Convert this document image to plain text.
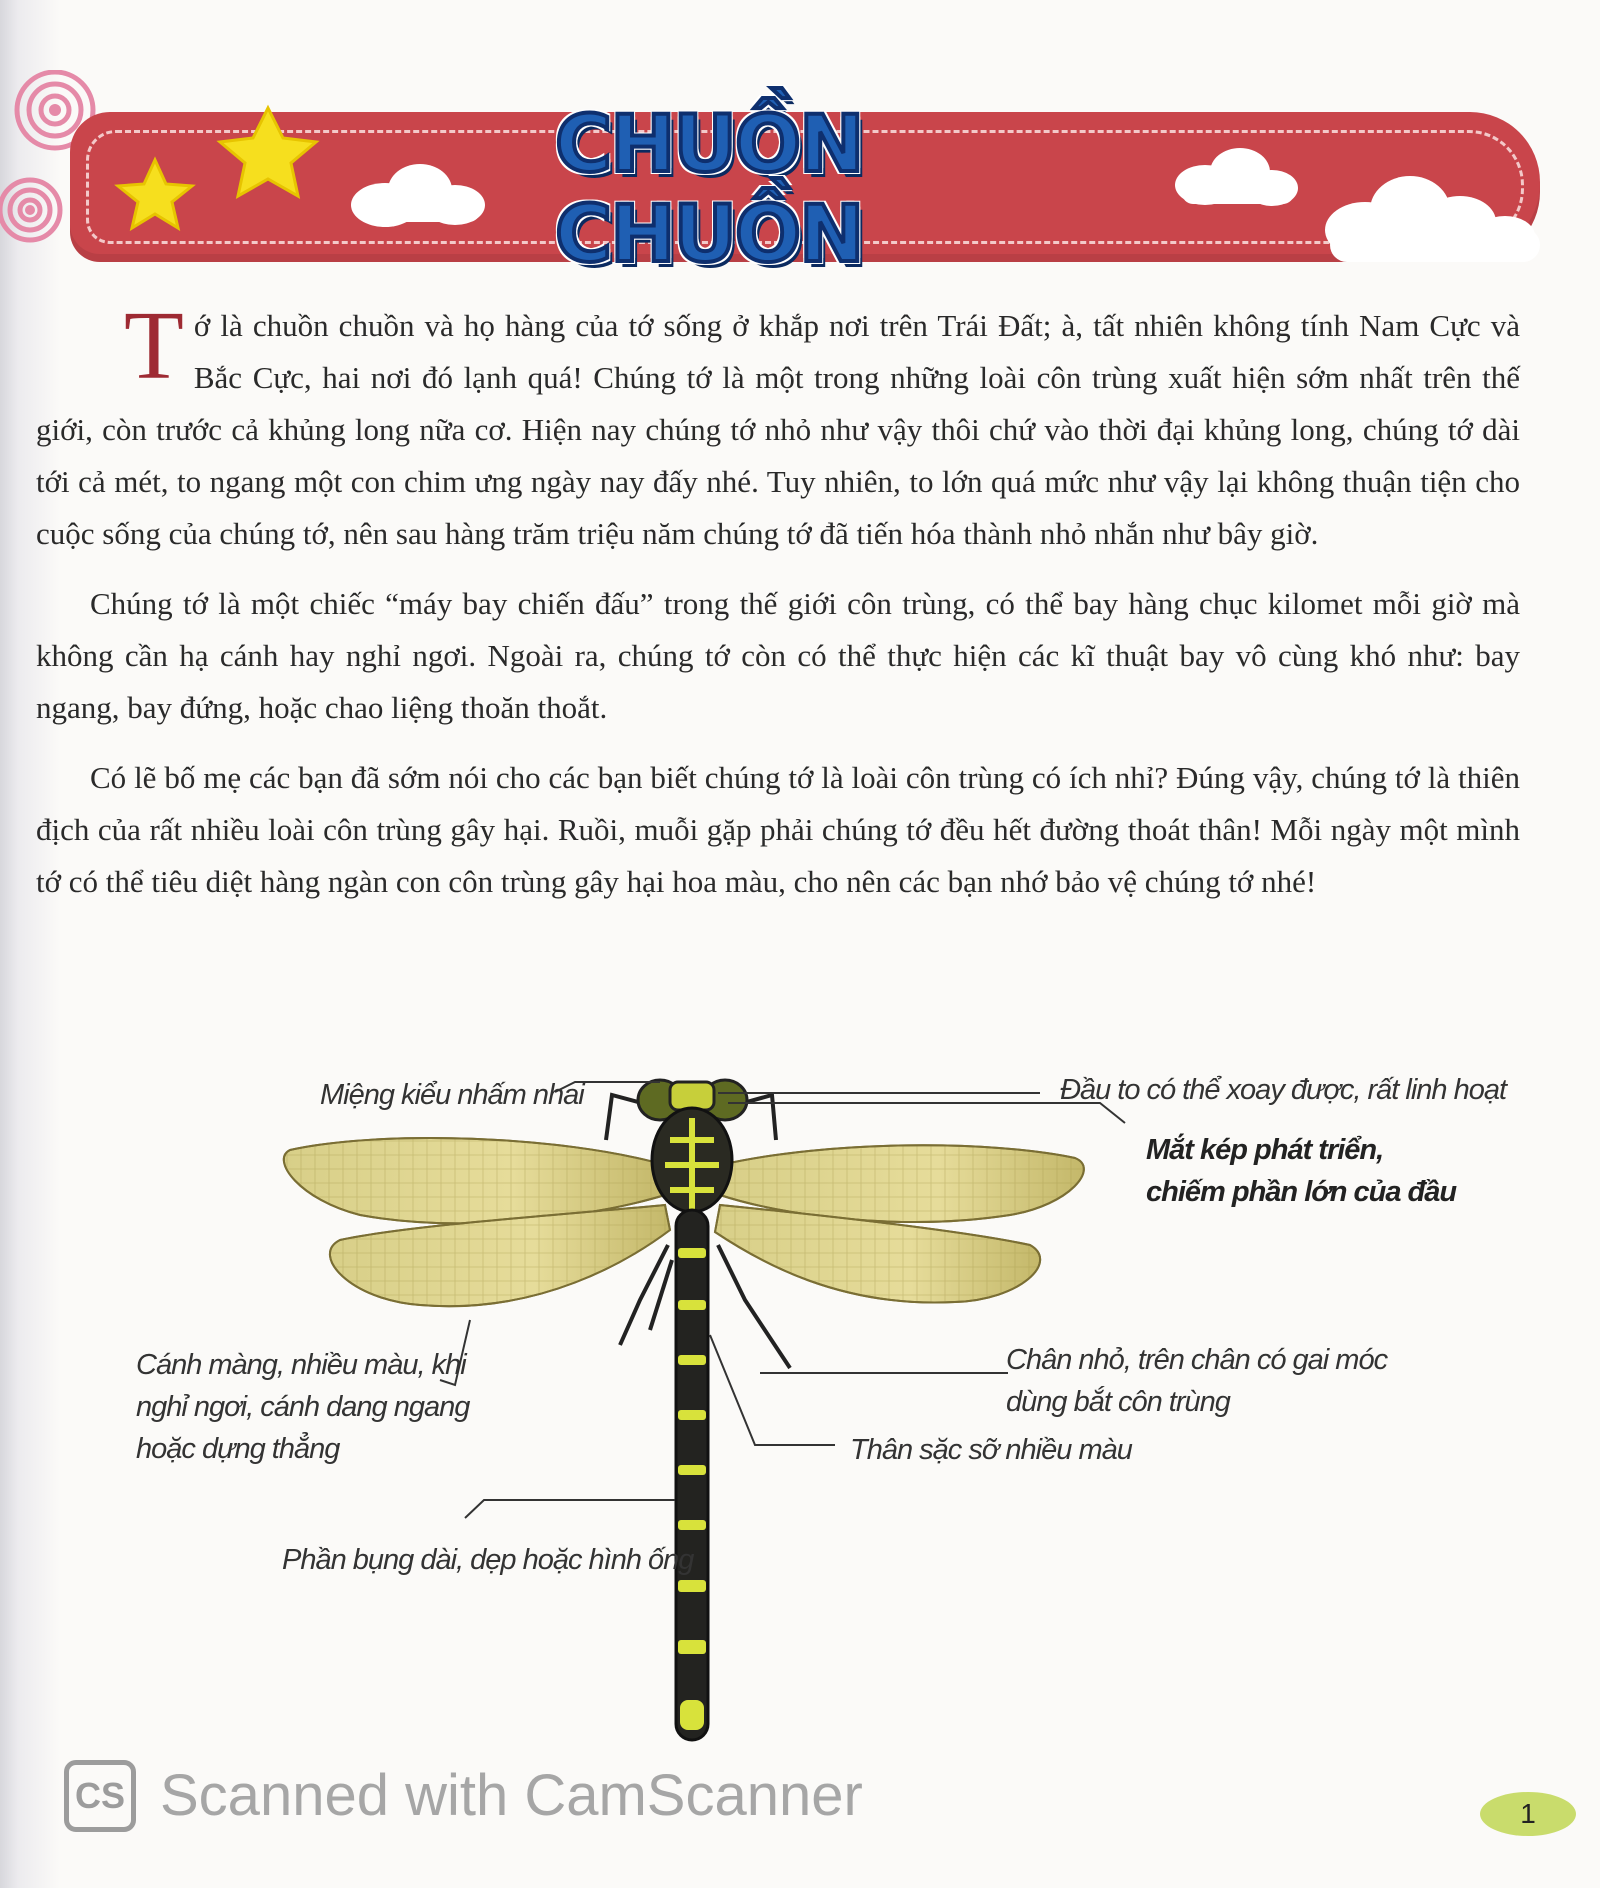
CHUỒN CHUỒN

Tớ là chuồn chuồn và họ hàng của tớ sống ở khắp nơi trên Trái Đất; à, tất nhiên không tính Nam Cực và Bắc Cực, hai nơi đó lạnh quá! Chúng tớ là một trong những loài côn trùng xuất hiện sớm nhất trên thế giới, còn trước cả khủng long nữa cơ. Hiện nay chúng tớ nhỏ như vậy thôi chứ vào thời đại khủng long, chúng tớ dài tới cả mét, to ngang một con chim ưng ngày nay đấy nhé. Tuy nhiên, to lớn quá mức như vậy lại không thuận tiện cho cuộc sống của chúng tớ, nên sau hàng trăm triệu năm chúng tớ đã tiến hóa thành nhỏ nhắn như bây giờ.

Chúng tớ là một chiếc “máy bay chiến đấu” trong thế giới côn trùng, có thể bay hàng chục kilomet mỗi giờ mà không cần hạ cánh hay nghỉ ngơi. Ngoài ra, chúng tớ còn có thể thực hiện các kĩ thuật bay vô cùng khó như: bay ngang, bay đứng, hoặc chao liệng thoăn thoắt.

Có lẽ bố mẹ các bạn đã sớm nói cho các bạn biết chúng tớ là loài côn trùng có ích nhỉ? Đúng vậy, chúng tớ là thiên địch của rất nhiều loài côn trùng gây hại. Ruồi, muỗi gặp phải chúng tớ đều hết đường thoát thân! Mỗi ngày một mình tớ có thể tiêu diệt hàng ngàn con côn trùng gây hại hoa màu, cho nên các bạn nhớ bảo vệ chúng tớ nhé!

Miệng kiểu nhấm nhai	Đầu to có thể xoay được, rất linh hoạt
Mắt kép phát triển,
chiếm phần lớn của đầu
Cánh màng, nhiều màu, khi
nghỉ ngơi, cánh dang ngang
hoặc dựng thẳng
Chân nhỏ, trên chân có gai móc
dùng bắt côn trùng
Thân sặc sỡ nhiều màu
Phần bụng dài, dẹp hoặc hình ống
CS Scanned with CamScanner	1
